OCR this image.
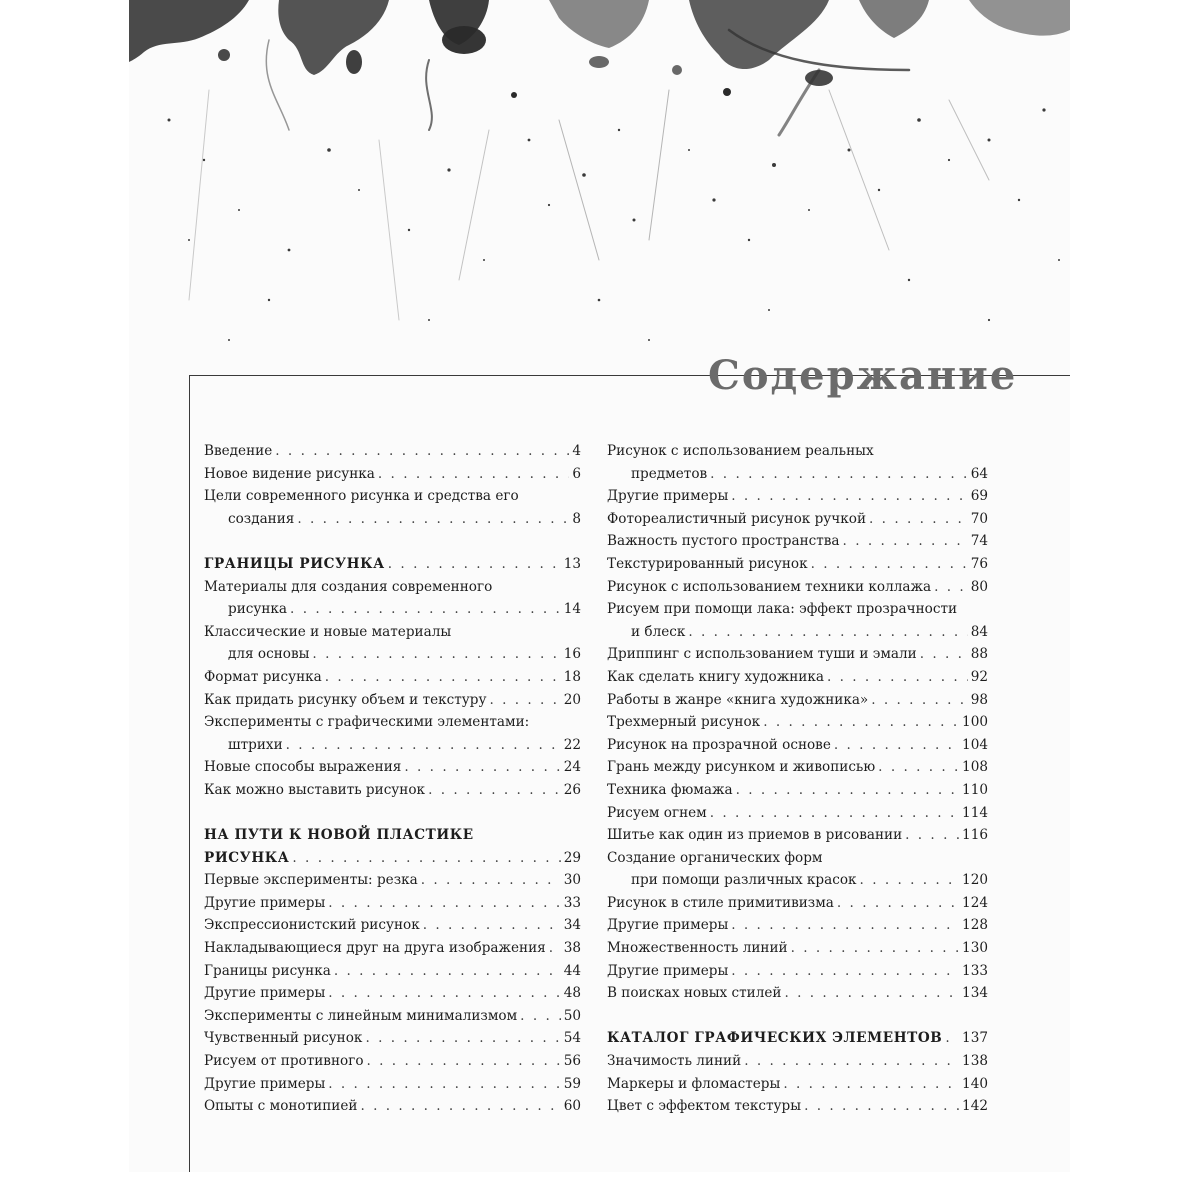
Содержание
Введение . . .	4
Новое видение рисунка . . .	6
Цели современного рисунка и средства его
создания . . .	8
ГРАНИЦЫ РИСУНКА . . .	13
Материалы для создания современного
рисунка . . .	14
Классические и новые материалы
для основы . . .	16
Формат рисунка . . .	18
Как придать рисунку объем и текстуру . . .	20
Эксперименты с графическими элементами:
штрихи . . .	22
Новые способы выражения . . .	24
Как можно выставить рисунок . . .	26
НА ПУТИ К НОВОЙ ПЛАСТИКЕ
РИСУНКА . . .	29
Первые эксперименты: резка . . .	30
Другие примеры . . .	33
Экспрессионистский рисунок . . .	34
Накладывающиеся друг на друга изображения . . . 38
Границы рисунка . . .	44
Другие примеры . . .	48
Эксперименты с линейным минимализмом . . .	50
Чувственный рисунок . . .	54
Рисуем от противного . . .	56
Другие примеры . . .	59
Опыты с монотипией . . .	60
Рисунок с использованием реальных
предметов . . .	64
Другие примеры . . .	69
Фотореалистичный рисунок ручкой . . .	70
Важность пустого пространства . . .	74
Текстурированный рисунок . . .	76
Рисунок с использованием техники коллажа . . .	80
Рисуем при помощи лака: эффект прозрачности
и блеск . . .	84
Дриппинг с использованием туши и эмали . . .	88
Как сделать книгу художника . . .	92
Работы в жанре «книга художника» . . .	98
Трехмерный рисунок . . .	100
Рисунок на прозрачной основе . . .	104
Грань между рисунком и живописью . . .	108
Техника фюмажа . . .	110
Рисуем огнем . . .	114
Шитье как один из приемов в рисовании . . .	116
Создание органических форм
при помощи различных красок . . .	120
Рисунок в стиле примитивизма . . .	124
Другие примеры . . .	128
Множественность линий . . .	130
Другие примеры . . .	133
В поисках новых стилей . . .	134
КАТАЛОГ ГРАФИЧЕСКИХ ЭЛЕМЕНТОВ . . . 137
Значимость линий . . .	138
Маркеры и фломастеры . . .	140
Цвет с эффектом текстуры . . .	142
